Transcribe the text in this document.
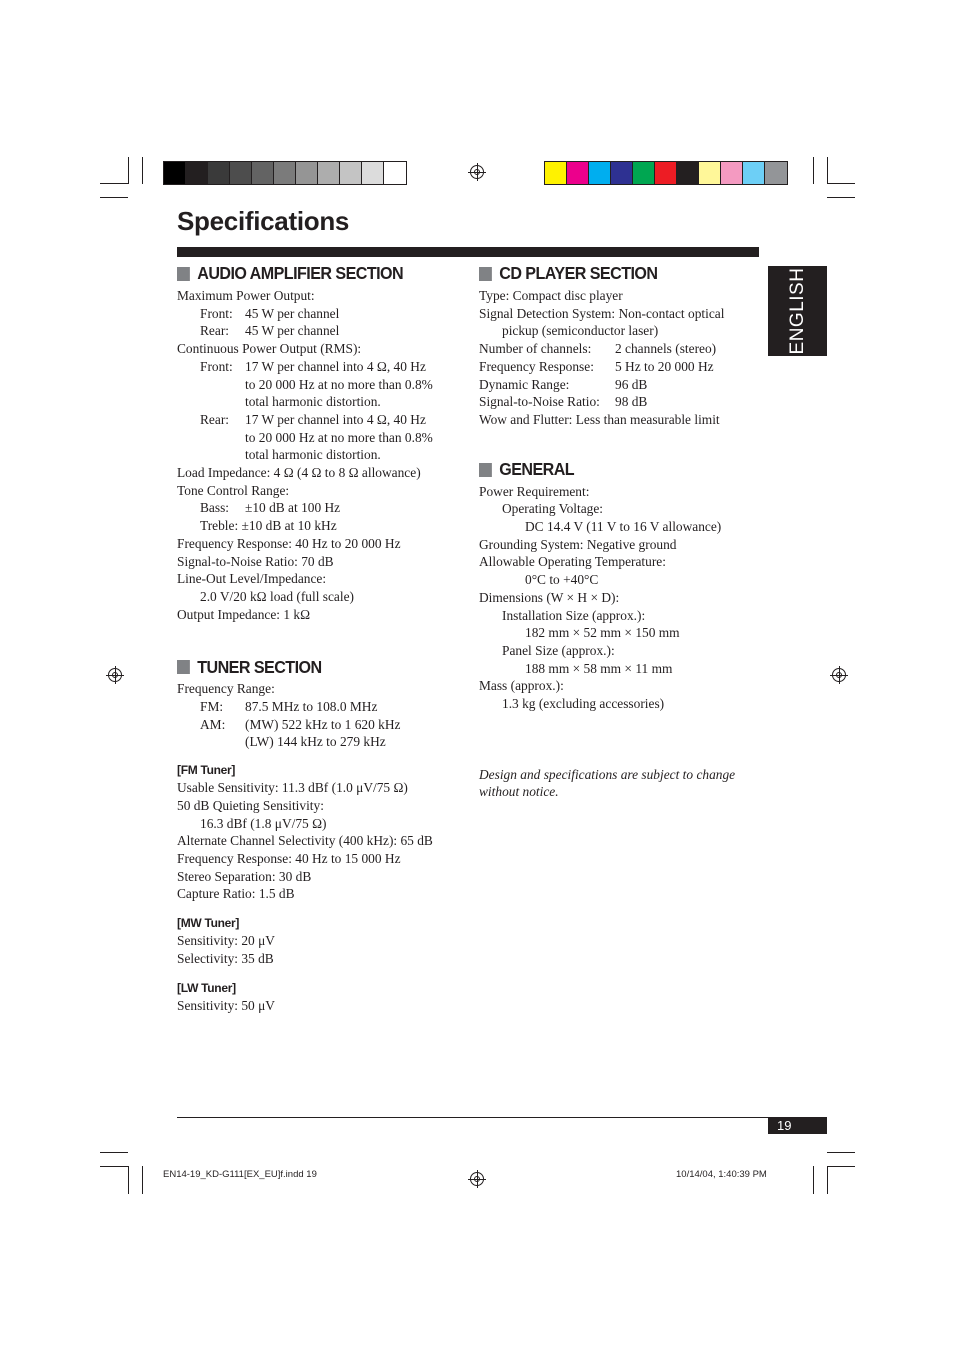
Specifications
ENGLISH
AUDIO AMPLIFIER SECTION

Maximum Power Output:

Front: 45 W per channel

Rear: 45 W per channel

Continuous Power Output (RMS):

Front: 17 W per channel into 4 Ω, 40 Hz

to 20 000 Hz at no more than 0.8%

total harmonic distortion.

Rear: 17 W per channel into 4 Ω, 40 Hz

to 20 000 Hz at no more than 0.8%

total harmonic distortion.

Load Impedance: 4 Ω (4 Ω to 8 Ω allowance)

Tone Control Range:

Bass: ±10 dB at 100 Hz

Treble: ±10 dB at 10 kHz

Frequency Response: 40 Hz to 20 000 Hz

Signal-to-Noise Ratio: 70 dB

Line-Out Level/Impedance:

2.0 V/20 kΩ load (full scale)

Output Impedance: 1 kΩ

TUNER SECTION

Frequency Range:

FM: 87.5 MHz to 108.0 MHz

AM: (MW) 522 kHz to 1 620 kHz

(LW) 144 kHz to 279 kHz

[FM Tuner]

Usable Sensitivity: 11.3 dBf (1.0 μV/75 Ω)

50 dB Quieting Sensitivity:

16.3 dBf (1.8 μV/75 Ω)

Alternate Channel Selectivity (400 kHz): 65 dB

Frequency Response: 40 Hz to 15 000 Hz

Stereo Separation: 30 dB

Capture Ratio: 1.5 dB

[MW Tuner]

Sensitivity: 20 μV

Selectivity: 35 dB

[LW Tuner]

Sensitivity: 50 μV

CD PLAYER SECTION

Type: Compact disc player

Signal Detection System: Non-contact optical

pickup (semiconductor laser)

Number of channels: 2 channels (stereo)

Frequency Response: 5 Hz to 20 000 Hz

Dynamic Range:	96 dB

Signal-to-Noise Ratio: 98 dB

Wow and Flutter: Less than measurable limit

GENERAL

Power Requirement:

Operating Voltage:

DC 14.4 V (11 V to 16 V allowance)

Grounding System: Negative ground

Allowable Operating Temperature:

0°C to +40°C

Dimensions (W × H × D):

Installation Size (approx.):

182 mm × 52 mm × 150 mm

Panel Size (approx.):

188 mm × 58 mm × 11 mm

Mass (approx.):

1.3 kg (excluding accessories)

Design and specifications are subject to change without notice.

19
EN14-19_KD-G111[EX_EU]f.indd 19	10/14/04, 1:40:39 PM
